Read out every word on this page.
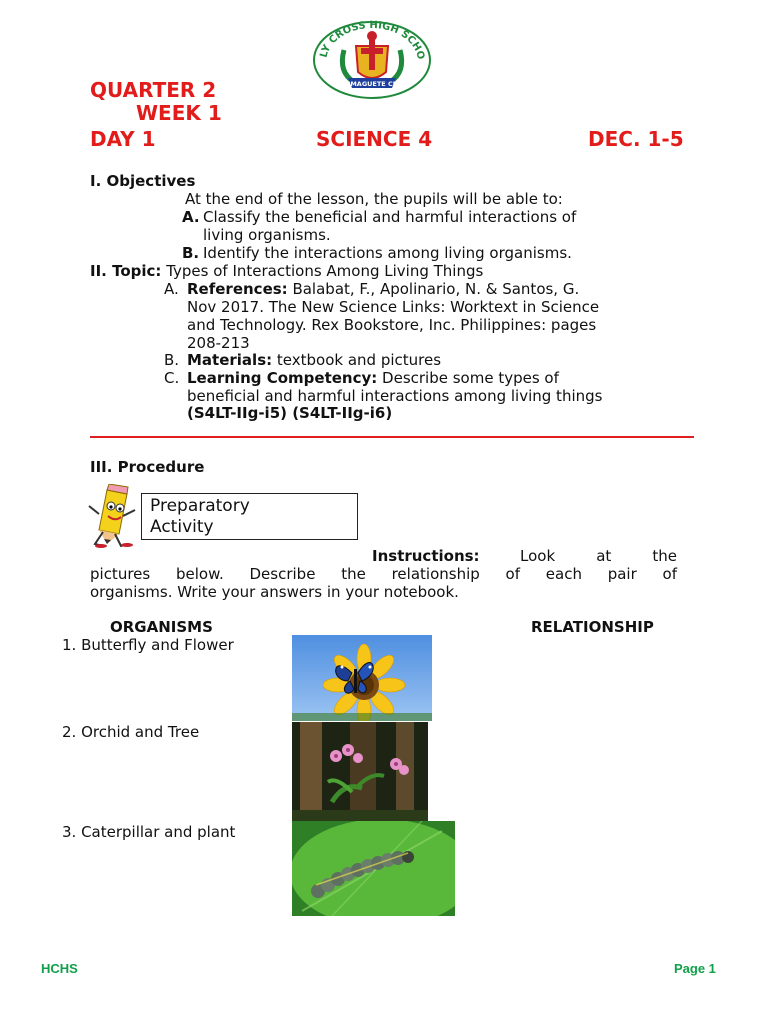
LY CROSS HIGH SCHO
DUMAGUETE CITY
QUARTER 2
WEEK 1
DAY 1	SCIENCE 4	DEC. 1-5
I. Objectives
At the end of the lesson, the pupils will be able to:
A. Classify the beneficial and harmful interactions of
living organisms.
B. Identify the interactions among living organisms.
II. Topic: Types of Interactions Among Living Things
A. References: Balabat, F., Apolinario, N. & Santos, G.
Nov 2017. The New Science Links: Worktext in Science
and Technology. Rex Bookstore, Inc. Philippines: pages
208-213
B. Materials: textbook and pictures
C. Learning Competency: Describe some types of
beneficial and harmful interactions among living things
(S4LT-IIg-i5) (S4LT-IIg-i6)
III. Procedure
Preparatory
Activity
Instructions:	Look at the
pictures below. Describe the relationship of each pair of
organisms. Write your answers in your notebook.
ORGANISMS	RELATIONSHIP
1. Butterfly and Flower
2. Orchid and Tree
3. Caterpillar and plant
HCHS	Page 1
